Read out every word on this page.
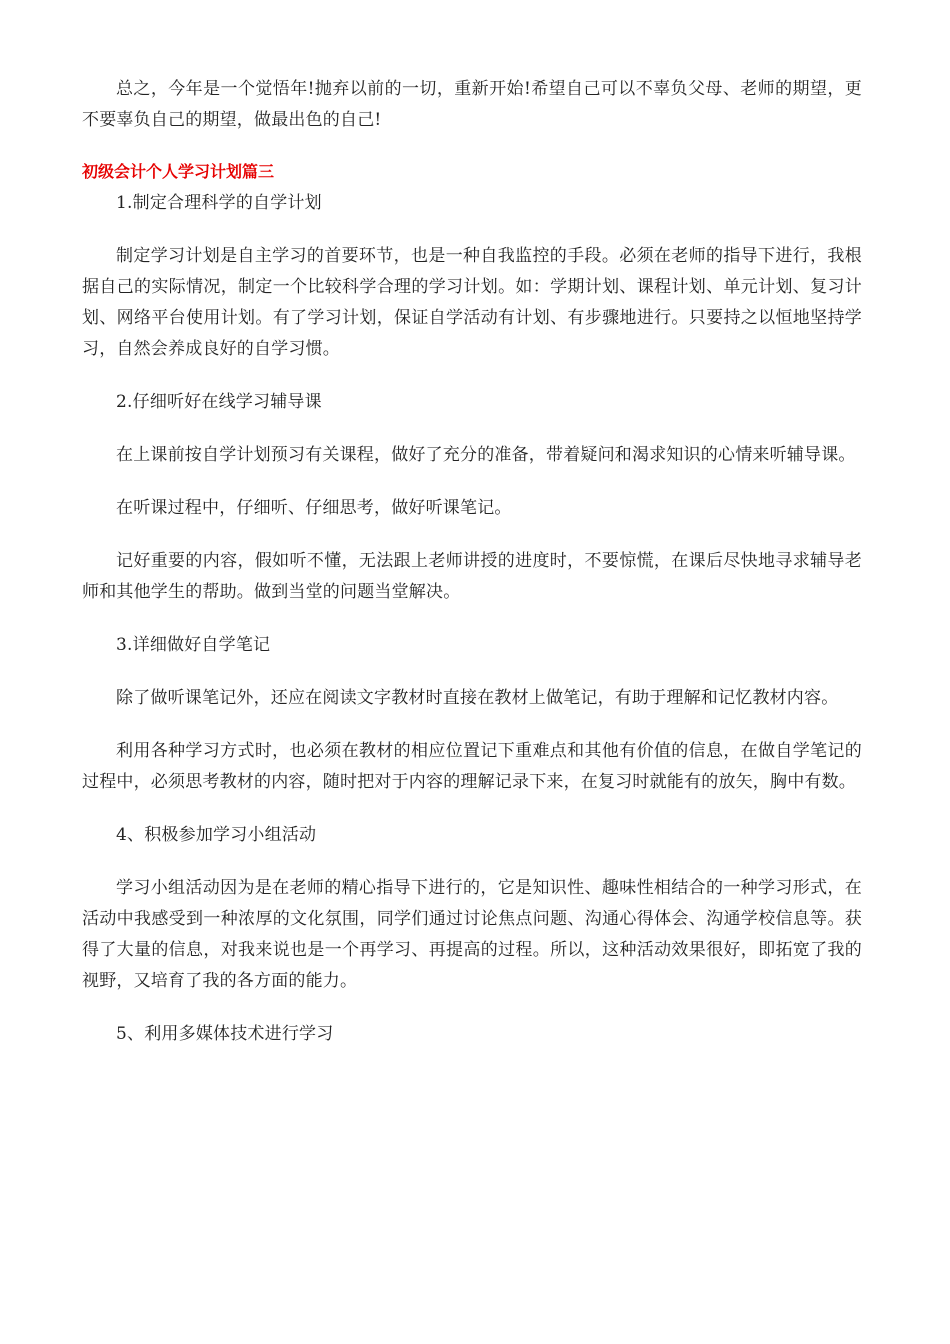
总之，今年是一个觉悟年!抛弃以前的一切，重新开始!希望自己可以不辜负父母、老师的期望，更不要辜负自己的期望，做最出色的自己!

初级会计个人学习计划篇三

1.制定合理科学的自学计划

制定学习计划是自主学习的首要环节，也是一种自我监控的手段。必须在老师的指导下进行，我根据自己的实际情况，制定一个比较科学合理的学习计划。如：学期计划、课程计划、单元计划、复习计划、网络平台使用计划。有了学习计划，保证自学活动有计划、有步骤地进行。只要持之以恒地坚持学习，自然会养成良好的自学习惯。

2.仔细听好在线学习辅导课

在上课前按自学计划预习有关课程，做好了充分的准备，带着疑问和渴求知识的心情来听辅导课。

在听课过程中，仔细听、仔细思考，做好听课笔记。

记好重要的内容，假如听不懂，无法跟上老师讲授的进度时，不要惊慌，在课后尽快地寻求辅导老师和其他学生的帮助。做到当堂的问题当堂解决。

3.详细做好自学笔记

除了做听课笔记外，还应在阅读文字教材时直接在教材上做笔记，有助于理解和记忆教材内容。

利用各种学习方式时，也必须在教材的相应位置记下重难点和其他有价值的信息，在做自学笔记的过程中，必须思考教材的内容，随时把对于内容的理解记录下来，在复习时就能有的放矢，胸中有数。

4、积极参加学习小组活动

学习小组活动因为是在老师的精心指导下进行的，它是知识性、趣味性相结合的一种学习形式，在活动中我感受到一种浓厚的文化氛围，同学们通过讨论焦点问题、沟通心得体会、沟通学校信息等。获得了大量的信息，对我来说也是一个再学习、再提高的过程。所以，这种活动效果很好，即拓宽了我的视野，又培育了我的各方面的能力。

5、利用多媒体技术进行学习
